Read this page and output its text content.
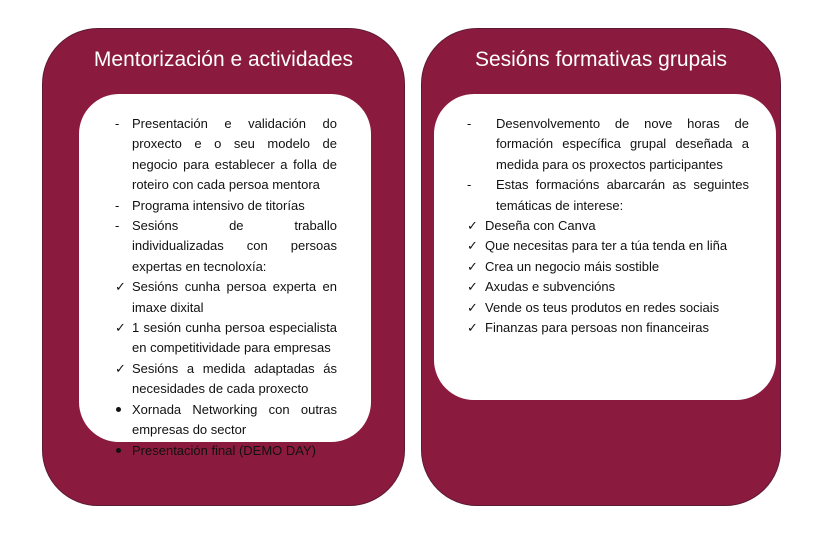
Mentorización e actividades
- Presentación e validación do proxecto e o seu modelo de negocio para establecer a folla de roteiro con cada persoa mentora
- Programa intensivo de titorías
- Sesións de traballo individualizadas con persoas expertas en tecnoloxía:
✓ Sesións cunha persoa experta en imaxe dixital
✓ 1 sesión cunha persoa especialista en competitividade para empresas
✓ Sesións a medida adaptadas ás necesidades de cada proxecto
Xornada Networking con outras empresas do sector
Presentación final (DEMO DAY)
Sesións formativas grupais
-	Desenvolvemento de nove horas de formación específica grupal deseñada a medida para os proxectos participantes
-	Estas formacións abarcarán as seguintes temáticas de interese:
✓ Deseña con Canva
✓ Que necesitas para ter a túa tenda en liña
✓ Crea un negocio máis sostible
✓ Axudas e subvencións
✓ Vende os teus produtos en redes sociais
✓ Finanzas para persoas non financeiras
